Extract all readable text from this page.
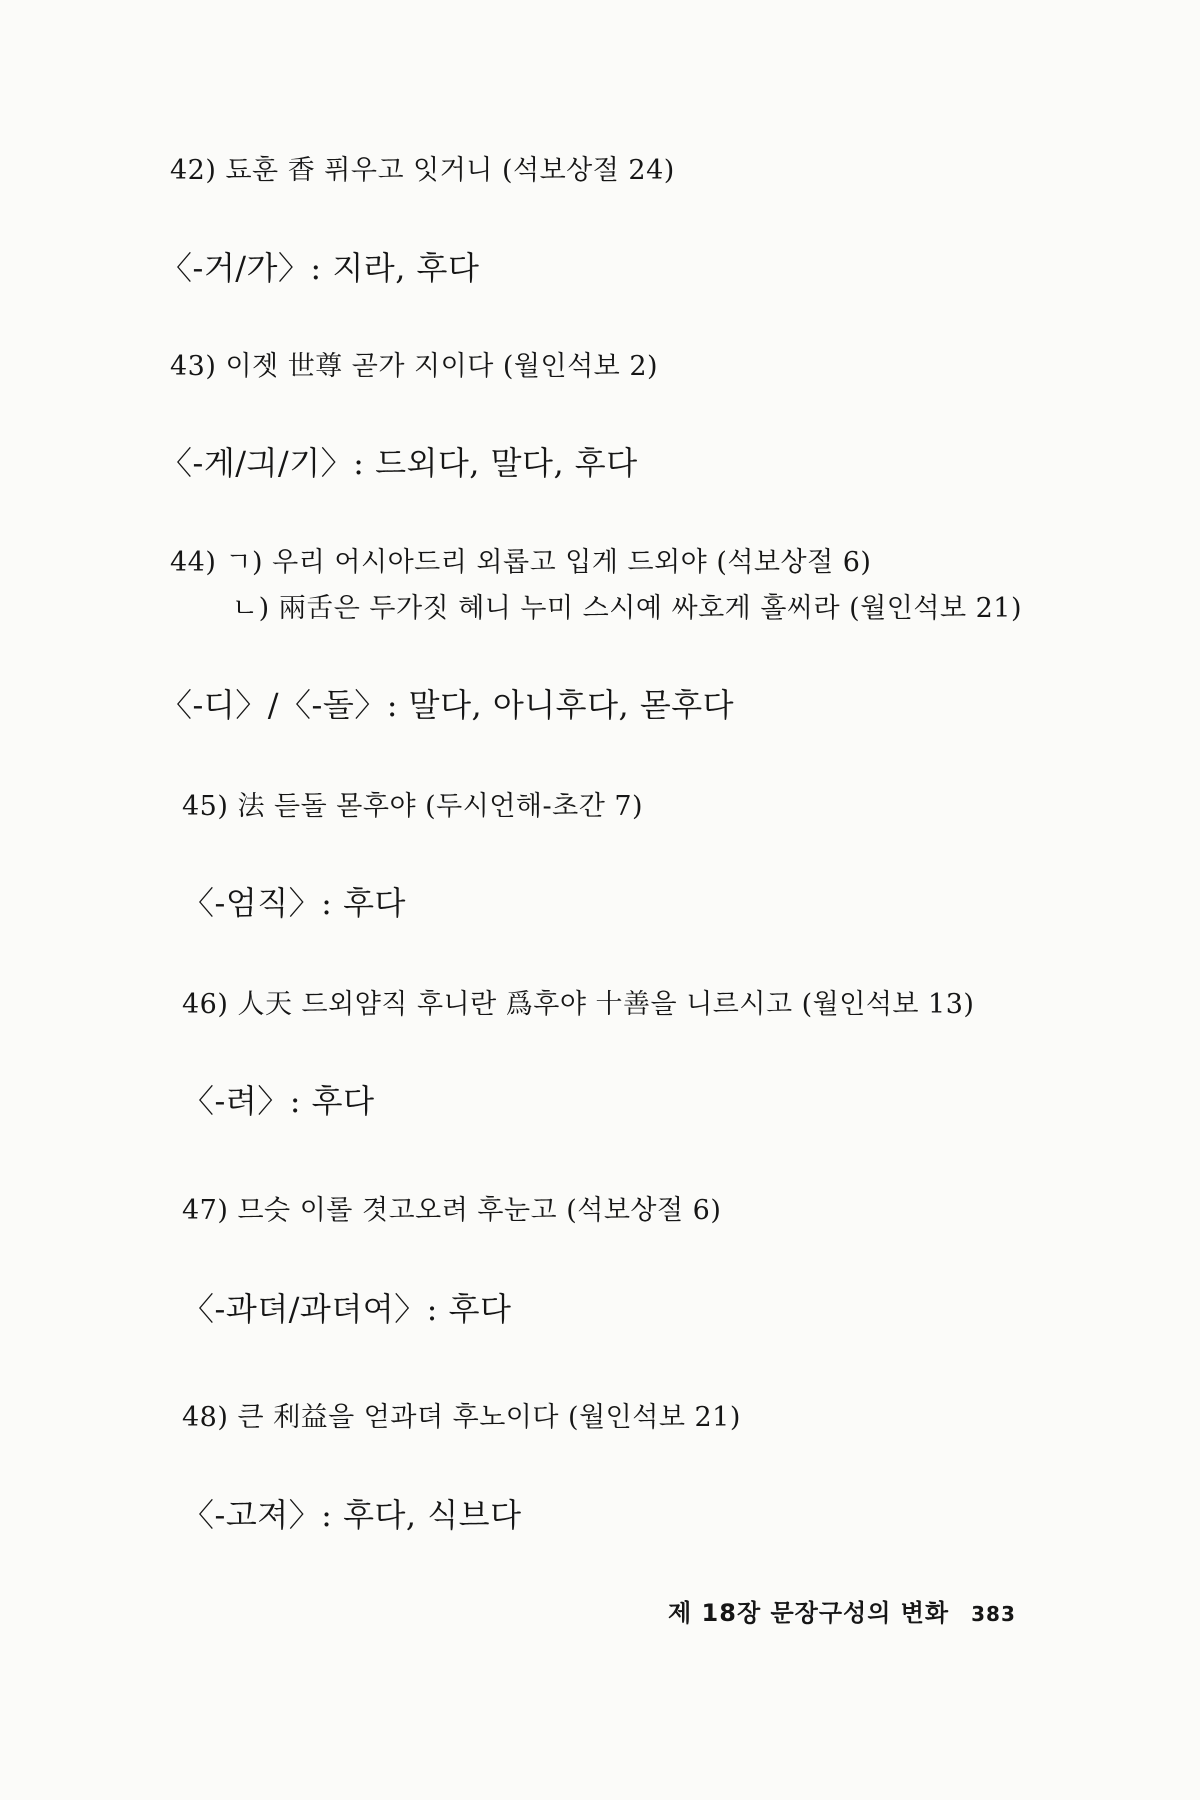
42) 됴훈 香 퓌우고 잇거니 (석보상절 24)
〈-거/가〉: 지라, 후다
43) 이젯 世尊 곧가 지이다 (월인석보 2)
〈-게/긔/기〉: 드외다, 말다, 후다
44) ㄱ) 우리 어시아드리 외롭고 입게 드외야 (석보상절 6)
ㄴ) 兩舌은 두가짓 혜니 누미 스시예 싸호게 홀씨라 (월인석보 21)
〈-디〉/〈-돌〉: 말다, 아니후다, 몯후다
45) 法 듣돌 몯후야 (두시언해-초간 7)
〈-엄직〉: 후다
46) 人天 드외얌직 후니란 爲후야 十善을 니르시고 (월인석보 13)
〈-려〉: 후다
47) 므슷 이롤 겻고오려 후눈고 (석보상절 6)
〈-과뎌/과뎌여〉: 후다
48) 큰 利益을 얻과뎌 후노이다 (월인석보 21)
〈-고져〉: 후다, 식브다
제 18장 문장구성의 변화 383
